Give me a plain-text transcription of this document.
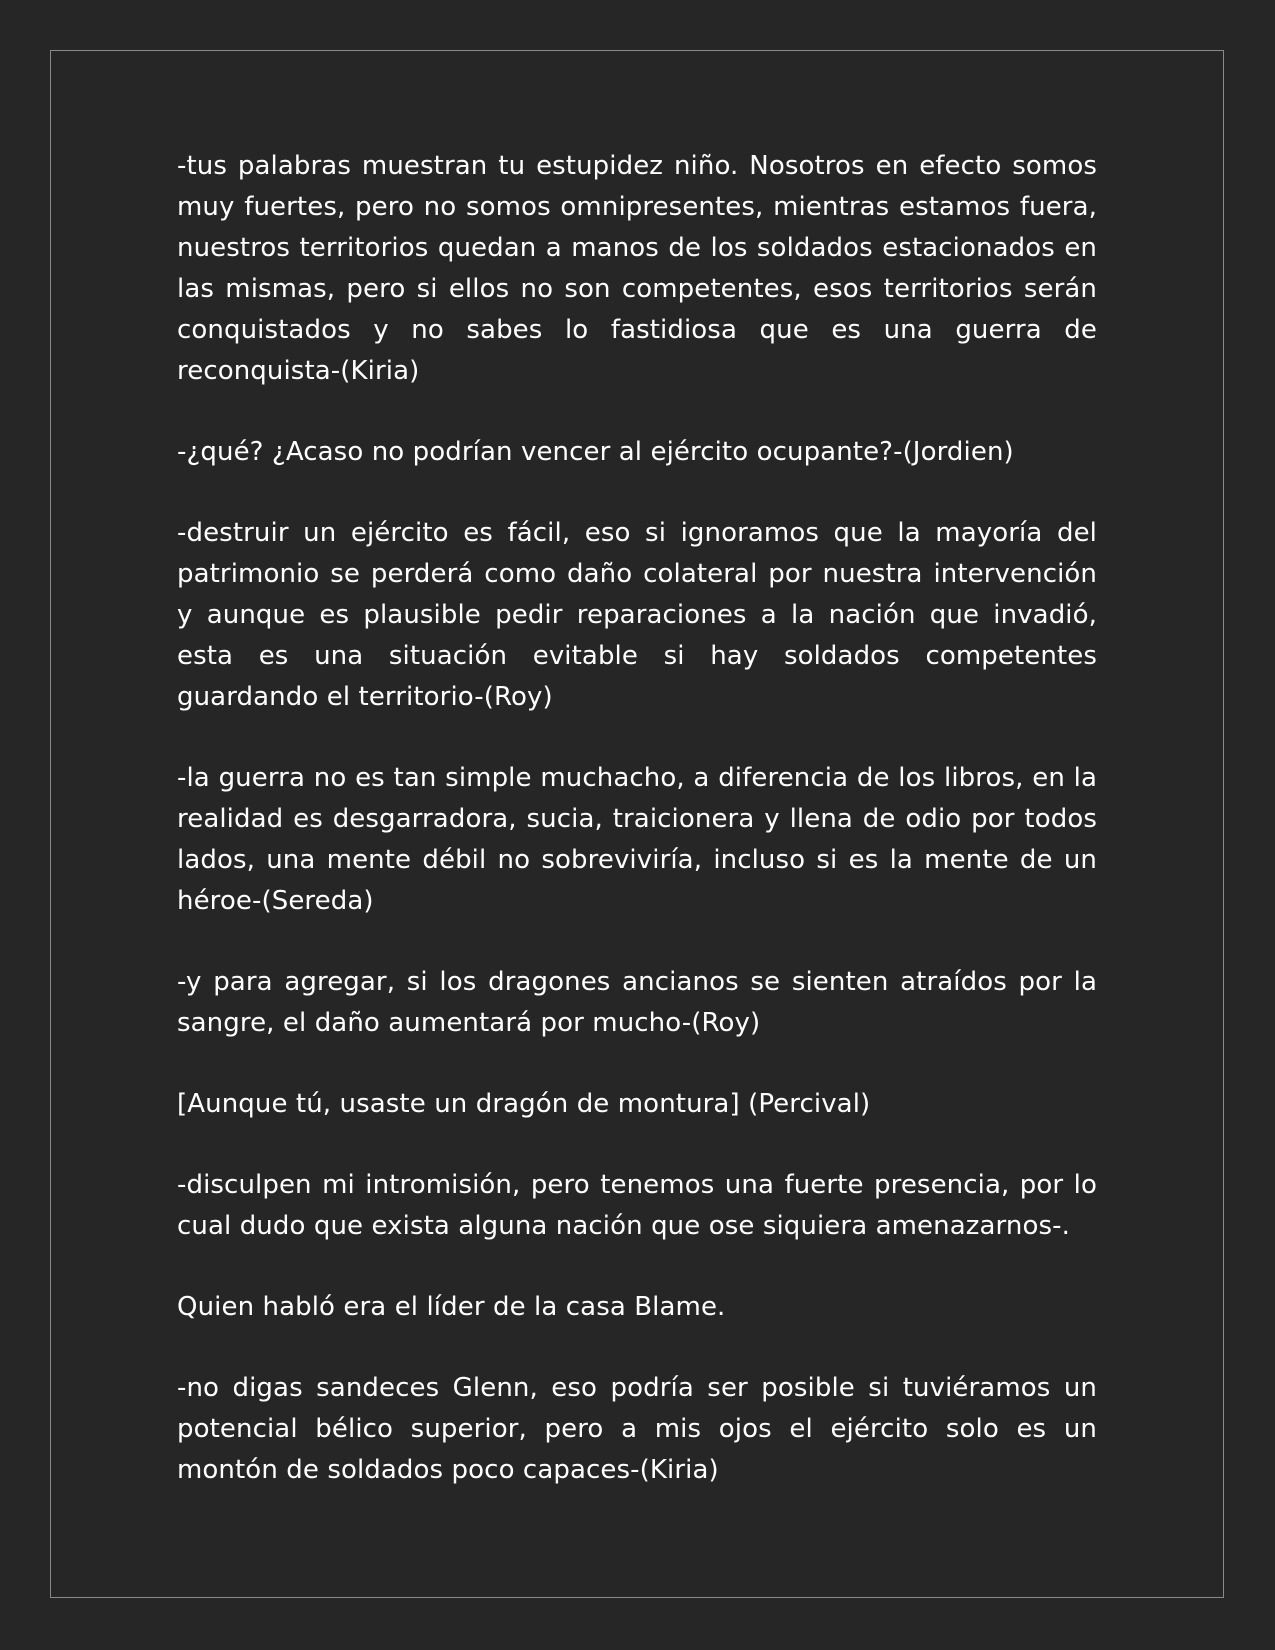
-tus palabras muestran tu estupidez niño. Nosotros en efecto somos muy fuertes, pero no somos omnipresentes, mientras estamos fuera, nuestros territorios quedan a manos de los soldados estacionados en las mismas, pero si ellos no son competentes, esos territorios serán conquistados y no sabes lo fastidiosa que es una guerra de reconquista-(Kiria)

-¿qué? ¿Acaso no podrían vencer al ejército ocupante?-(Jordien)

-destruir un ejército es fácil, eso si ignoramos que la mayoría del patrimonio se perderá como daño colateral por nuestra intervención y aunque es plausible pedir reparaciones a la nación que invadió, esta es una situación evitable si hay soldados competentes guardando el territorio-(Roy)

-la guerra no es tan simple muchacho, a diferencia de los libros, en la realidad es desgarradora, sucia, traicionera y llena de odio por todos lados, una mente débil no sobreviviría, incluso si es la mente de un héroe-(Sereda)

-y para agregar, si los dragones ancianos se sienten atraídos por la sangre, el daño aumentará por mucho-(Roy)

[Aunque tú, usaste un dragón de montura] (Percival)

-disculpen mi intromisión, pero tenemos una fuerte presencia, por lo cual dudo que exista alguna nación que ose siquiera amenazarnos-.

Quien habló era el líder de la casa Blame.

-no digas sandeces Glenn, eso podría ser posible si tuviéramos un potencial bélico superior, pero a mis ojos el ejército solo es un montón de soldados poco capaces-(Kiria)
